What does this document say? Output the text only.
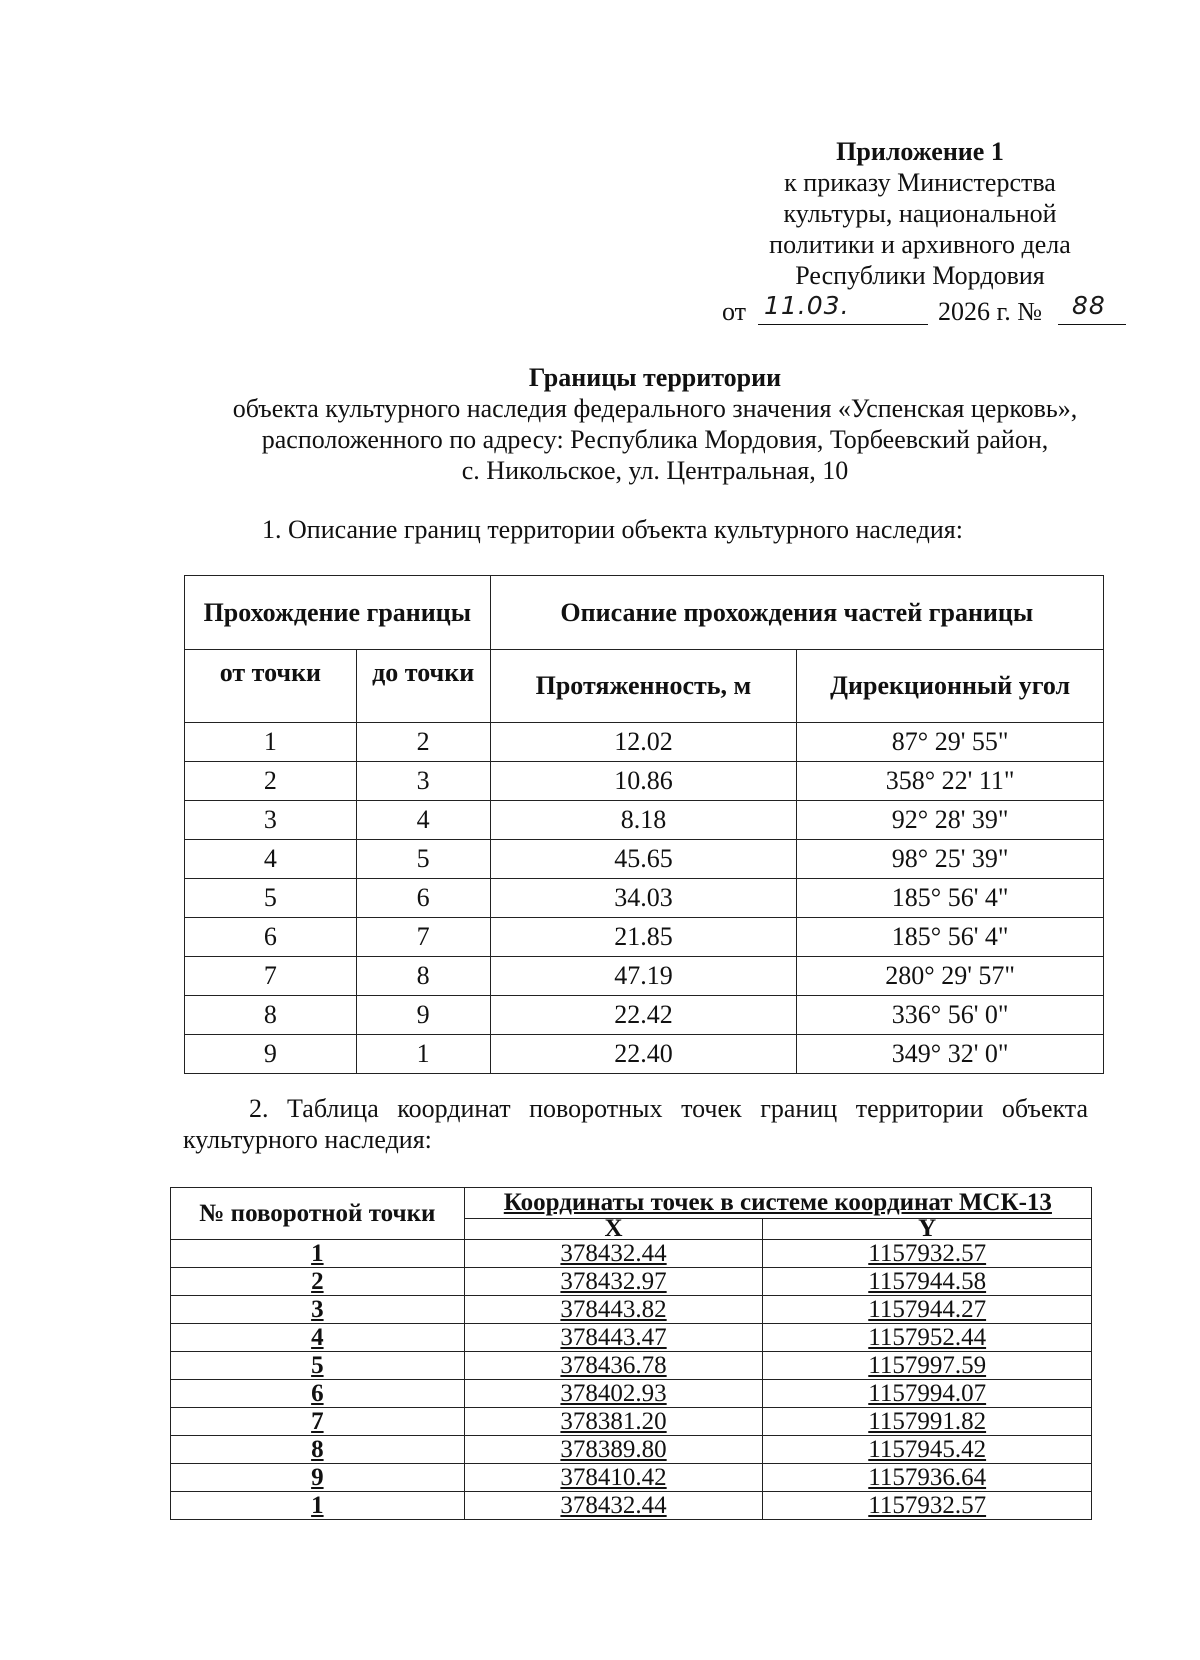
Приложение 1
к приказу Министерства
культуры, национальной
политики и архивного дела
Республики Мордовия
от 11.03.	2026 г. № 88
Границы территории
объекта культурного наследия федерального значения «Успенская церковь»,
расположенного по адресу: Республика Мордовия, Торбеевский район,
с. Никольское, ул. Центральная, 10
1. Описание границ территории объекта культурного наследия:
Прохождение границы		Описание прохождения частей границы	
от точки	до точки	Протяженность, м	Дирекционный угол
1	2	12.02	87° 29' 55"
2	3	10.86	358° 22' 11"
3	4	8.18	92° 28' 39"
4	5	45.65	98° 25' 39"
5	6	34.03	185° 56' 4"
6	7	21.85	185° 56' 4"
7	8	47.19	280° 29' 57"
8	9	22.42	336° 56' 0"
9	1	22.40	349° 32' 0"
2. Таблица координат поворотных точек границ территории объекта культурного наследия:
№ поворотной точки	Координаты точек в системе координат МСК-13	
	X	Y
1	378432.44	1157932.57
2	378432.97	1157944.58
3	378443.82	1157944.27
4	378443.47	1157952.44
5	378436.78	1157997.59
6	378402.93	1157994.07
7	378381.20	1157991.82
8	378389.80	1157945.42
9	378410.42	1157936.64
1	378432.44	1157932.57
